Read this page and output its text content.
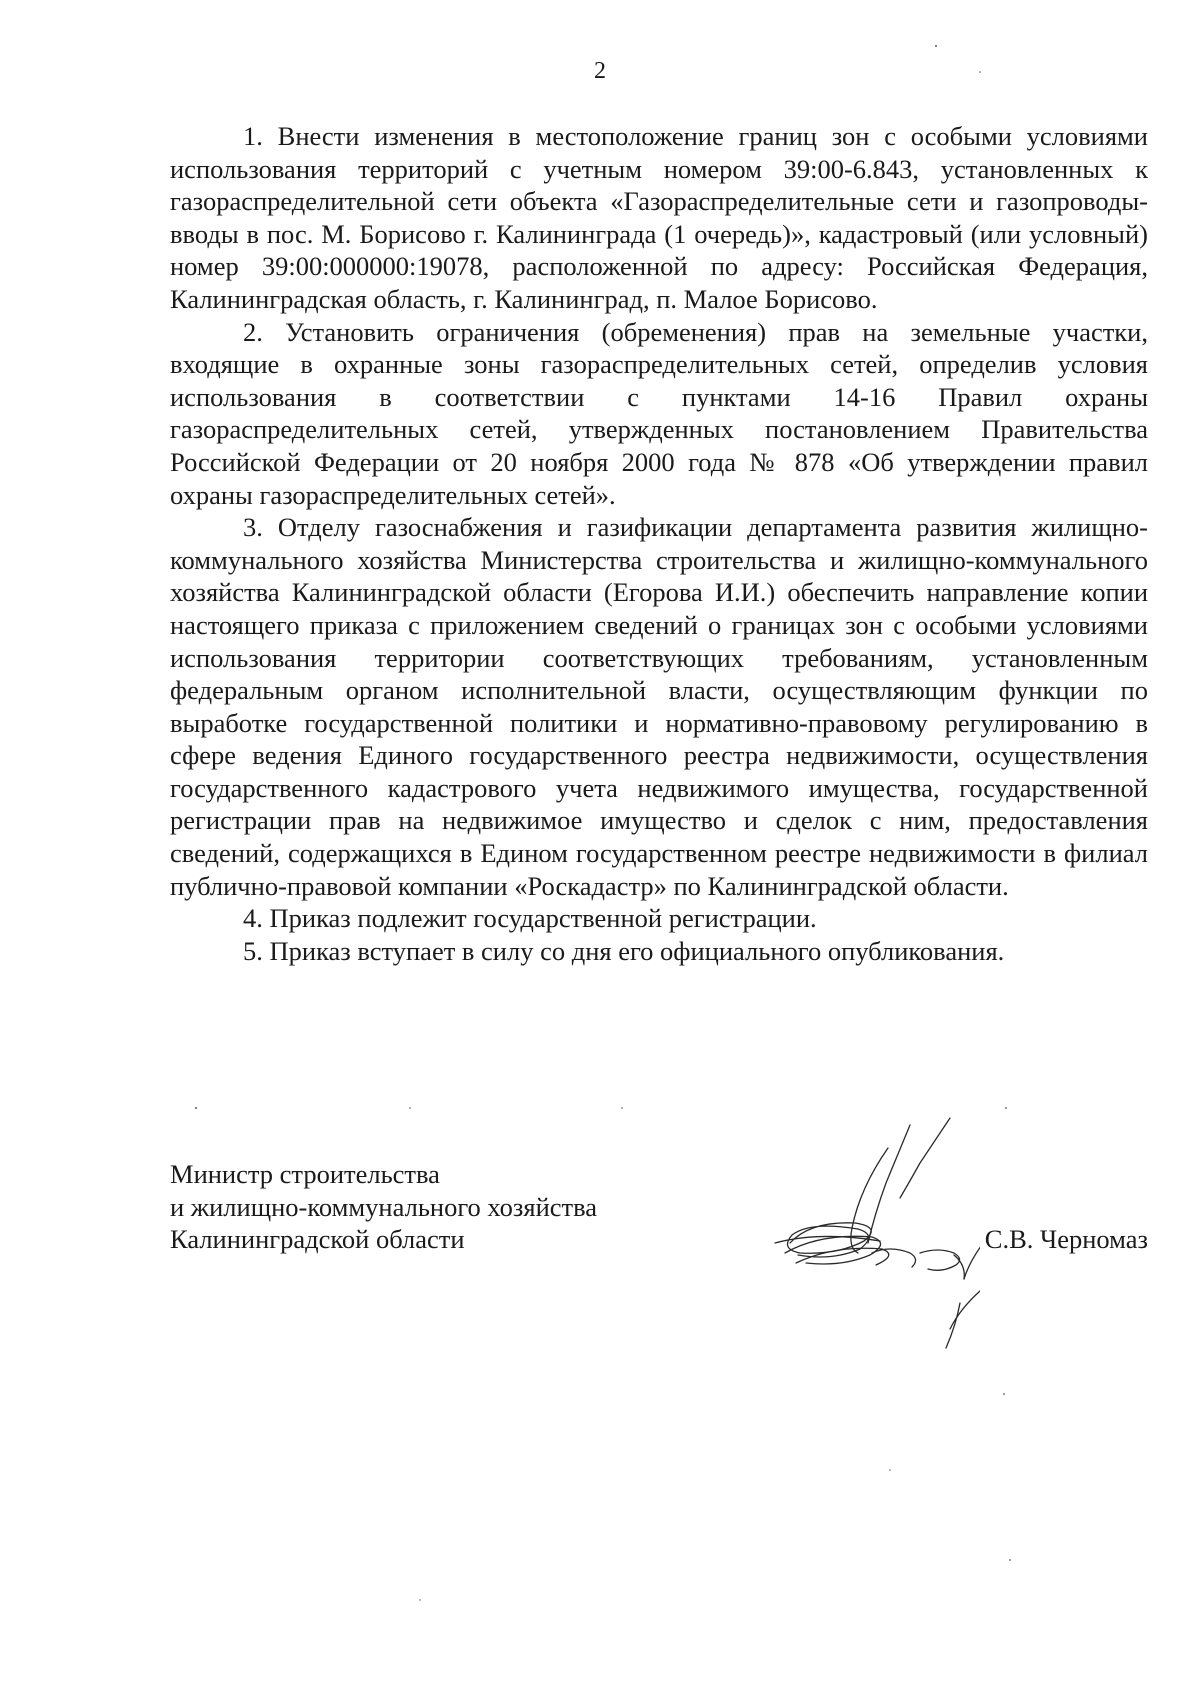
2

1. Внести изменения в местоположение границ зон с особыми условиями использования территорий с учетным номером 39:00-6.843, установленных к газораспределительной сети объекта «Газораспределительные сети и газопроводы-вводы в пос. М. Борисово г. Калининграда (1 очередь)», кадастровый (или условный) номер 39:00:000000:19078, расположенной по адресу: Российская Федерация, Калининградская область, г. Калининград, п. Малое Борисово.

2. Установить ограничения (обременения) прав на земельные участки, входящие в охранные зоны газораспределительных сетей, определив условия использования в соответствии с пунктами 14-16 Правил охраны газораспределительных сетей, утвержденных постановлением Правительства Российской Федерации от 20 ноября 2000 года № 878 «Об утверждении правил охраны газораспределительных сетей».

3. Отделу газоснабжения и газификации департамента развития жилищно-коммунального хозяйства Министерства строительства и жилищно-коммунального хозяйства Калининградской области (Егорова И.И.) обеспечить направление копии настоящего приказа с приложением сведений о границах зон с особыми условиями использования территории соответствующих требованиям, установленным федеральным органом исполнительной власти, осуществляющим функции по выработке государственной политики и нормативно-правовому регулированию в сфере ведения Единого государственного реестра недвижимости, осуществления государственного кадастрового учета недвижимого имущества, государственной регистрации прав на недвижимое имущество и сделок с ним, предоставления сведений, содержащихся в Едином государственном реестре недвижимости в филиал публично-правовой компании «Роскадастр» по Калининградской области.

4. Приказ подлежит государственной регистрации.

5. Приказ вступает в силу со дня его официального опубликования.

Министр строительства
и жилищно-коммунального хозяйства
Калининградской области	С.В. Черномаз
